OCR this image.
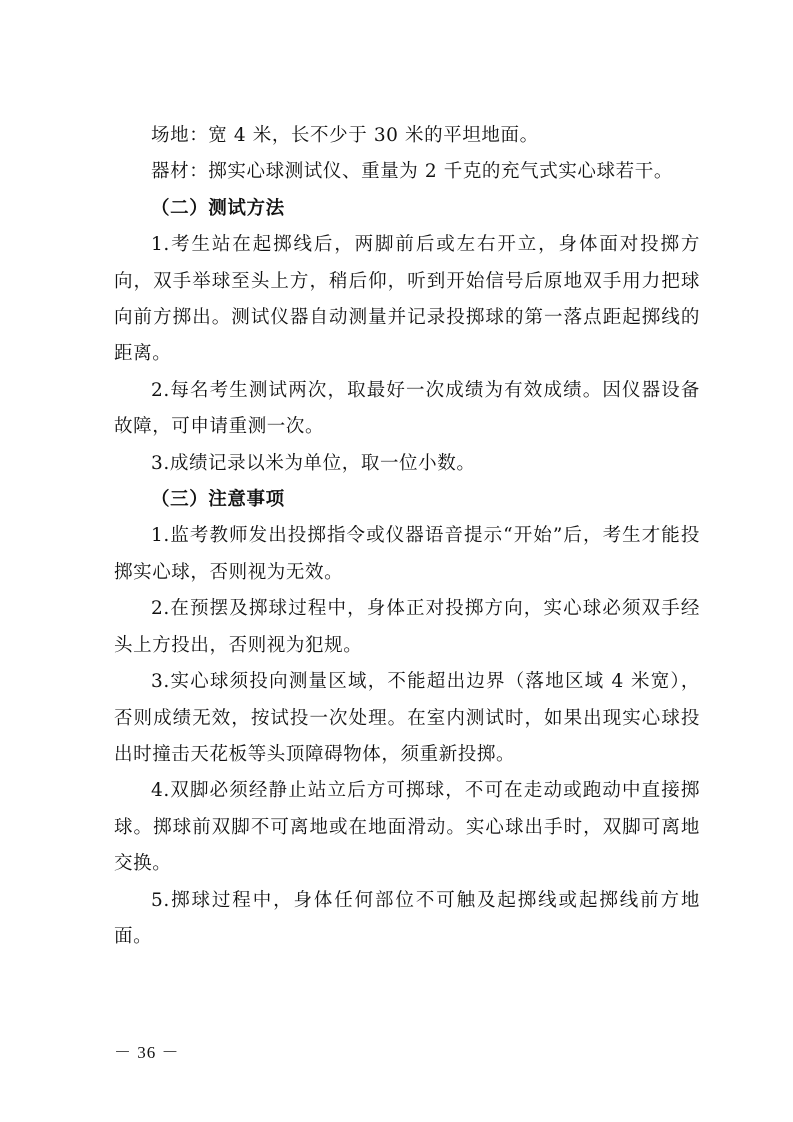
场地：宽 4 米，长不少于 30 米的平坦地面。

器材：掷实心球测试仪、重量为 2 千克的充气式实心球若干。

（二）测试方法

1.考生站在起掷线后，两脚前后或左右开立，身体面对投掷方向，双手举球至头上方，稍后仰，听到开始信号后原地双手用力把球向前方掷出。测试仪器自动测量并记录投掷球的第一落点距起掷线的距离。

2.每名考生测试两次，取最好一次成绩为有效成绩。因仪器设备故障，可申请重测一次。

3.成绩记录以米为单位，取一位小数。

（三）注意事项

1.监考教师发出投掷指令或仪器语音提示“开始”后，考生才能投掷实心球，否则视为无效。

2.在预摆及掷球过程中，身体正对投掷方向，实心球必须双手经头上方投出，否则视为犯规。

3.实心球须投向测量区域，不能超出边界（落地区域 4 米宽），否则成绩无效，按试投一次处理。在室内测试时，如果出现实心球投出时撞击天花板等头顶障碍物体，须重新投掷。

4.双脚必须经静止站立后方可掷球，不可在走动或跑动中直接掷球。掷球前双脚不可离地或在地面滑动。实心球出手时，双脚可离地交换。

5.掷球过程中，身体任何部位不可触及起掷线或起掷线前方地面。

－ 36 －
